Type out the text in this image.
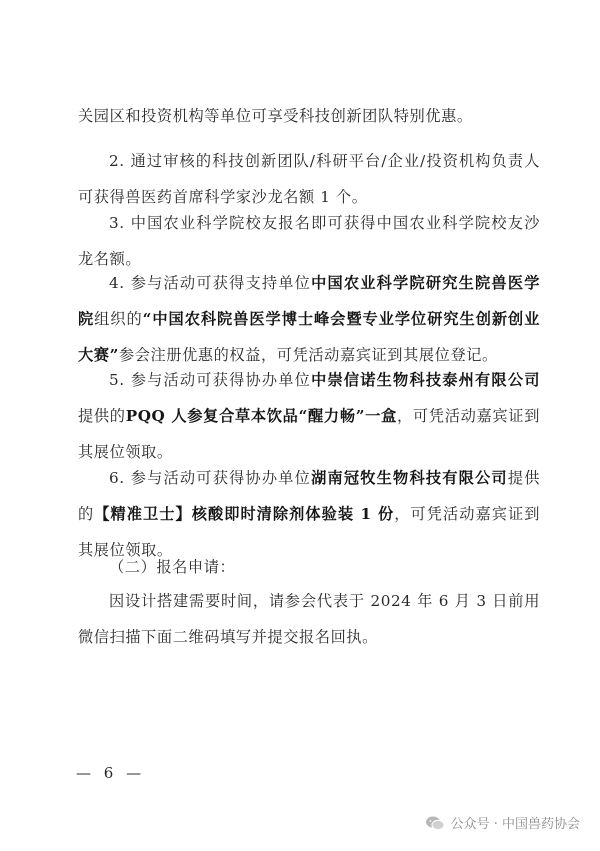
关园区和投资机构等单位可享受科技创新团队特别优惠。

2. 通过审核的科技创新团队/科研平台/企业/投资机构负责人可获得兽医药首席科学家沙龙名额 1 个。

3. 中国农业科学院校友报名即可获得中国农业科学院校友沙龙名额。

4. 参与活动可获得支持单位中国农业科学院研究生院兽医学院组织的“中国农科院兽医学博士峰会暨专业学位研究生创新创业大赛”参会注册优惠的权益，可凭活动嘉宾证到其展位登记。

5. 参与活动可获得协办单位中崇信诺生物科技泰州有限公司提供的PQQ 人参复合草本饮品“醒力畅”一盒，可凭活动嘉宾证到其展位领取。

6. 参与活动可获得协办单位湖南冠牧生物科技有限公司提供的【精准卫士】核酸即时清除剂体验装 1 份，可凭活动嘉宾证到其展位领取。

（二）报名申请：

因设计搭建需要时间，请参会代表于 2024 年 6 月 3 日前用微信扫描下面二维码填写并提交报名回执。

— 6 —
公众号 · 中国兽药协会
